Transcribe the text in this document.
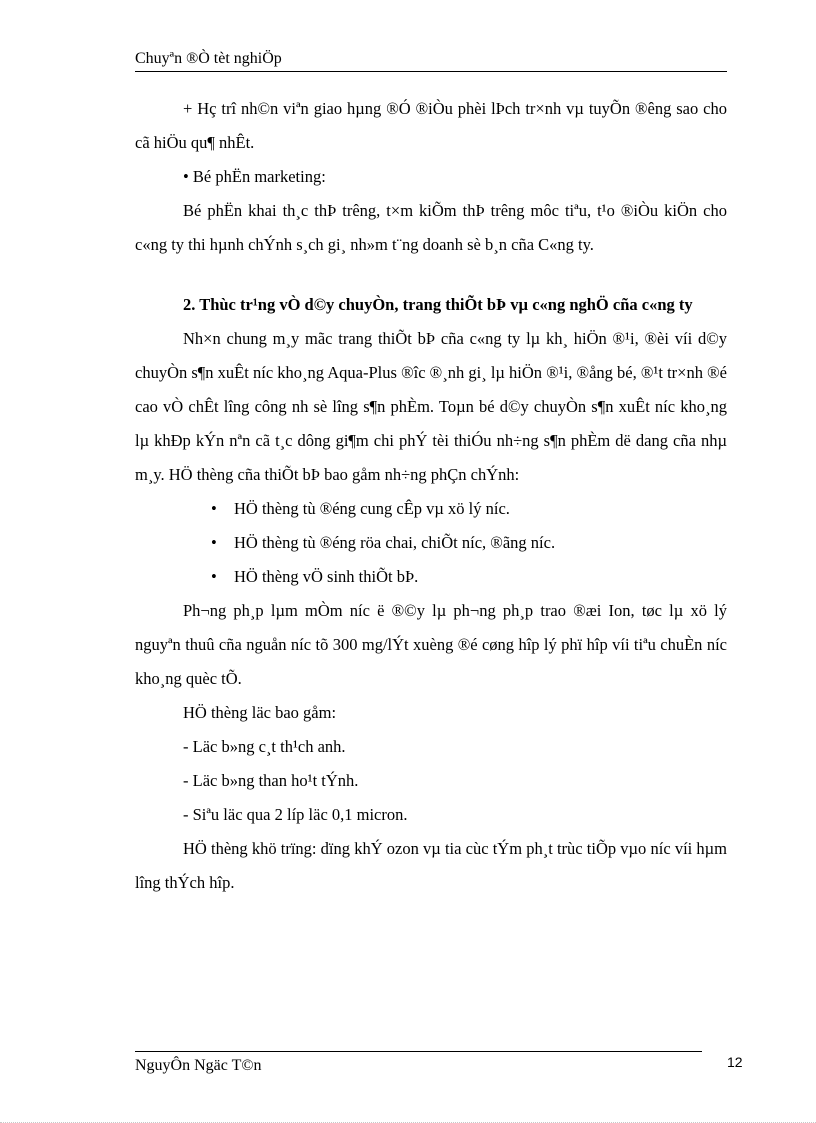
Chuyªn ®Ò tèt nghiÖp

+ Hç trî nh©n viªn giao hµng ®Ó ®iÒu phèi lÞch tr×nh vµ tuyÕn ®êng sao cho cã hiÖu qu¶ nhÊt.

• Bé phËn marketing:

Bé phËn khai th¸c thÞ trêng, t×m kiÕm thÞ trêng môc tiªu, t¹o ®iÒu kiÖn cho c«ng ty thi hµnh chÝnh s¸ch gi¸ nh»m t¨ng doanh sè b¸n cña C«ng ty.

2. Thùc tr¹ng vÒ d©y chuyÒn, trang thiÕt bÞ vµ c«ng nghÖ cña c«ng ty

Nh×n chung m¸y mãc trang thiÕt bÞ cña c«ng ty lµ kh¸ hiÖn ®¹i, ®èi víi d©y chuyÒn s¶n xuÊt níc kho¸ng Aqua-Plus ®îc ®¸nh gi¸ lµ hiÖn ®¹i, ®ång bé, ®¹t tr×nh ®é cao vÒ chÊt lîng công nh sè lîng s¶n phÈm. Toµn bé d©y chuyÒn s¶n xuÊt níc kho¸ng lµ khÐp kÝn nªn cã t¸c dông gi¶m chi phÝ tèi thiÓu nh÷ng s¶n phÈm dë dang cña nhµ m¸y. HÖ thèng cña thiÕt bÞ bao gåm nh÷ng phÇn chÝnh:

• HÖ thèng tù ®éng cung cÊp vµ xö lý níc.
• HÖ thèng tù ®éng röa chai, chiÕt níc, ®ãng níc.
• HÖ thèng vÖ sinh thiÕt bÞ.

Ph¬ng ph¸p lµm mÒm níc ë ®©y lµ ph¬ng ph¸p trao ®æi Ion, tøc lµ xö lý nguyªn thuû cña nguån níc tõ 300 mg/lÝt xuèng ®é cøng hîp lý phï hîp víi tiªu chuÈn níc kho¸ng quèc tÕ.

HÖ thèng läc bao gåm:

- Läc b»ng c¸t th¹ch anh.

- Läc b»ng than ho¹t tÝnh.

- Siªu läc qua 2 líp läc 0,1 micron.

HÖ thèng khö trïng: dïng khÝ ozon vµ tia cùc tÝm ph¸t trùc tiÕp vµo níc víi hµm lîng thÝch hîp.

NguyÔn Ngäc T©n	12
